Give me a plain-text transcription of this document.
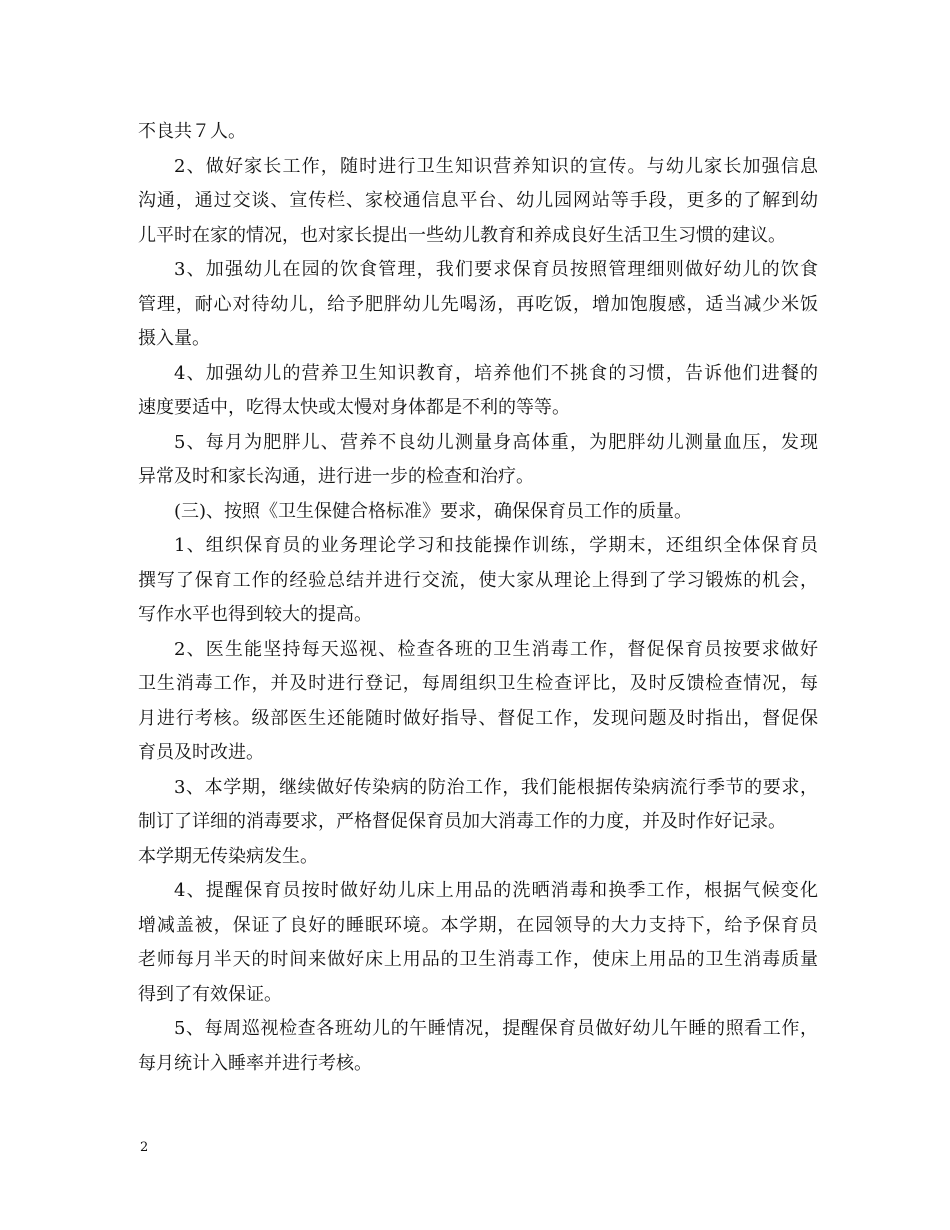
不良共７人。
2、做好家长工作，随时进行卫生知识营养知识的宣传。与幼儿家长加强信息
沟通，通过交谈、宣传栏、家校通信息平台、幼儿园网站等手段，更多的了解到幼
儿平时在家的情况，也对家长提出一些幼儿教育和养成良好生活卫生习惯的建议。
3、加强幼儿在园的饮食管理，我们要求保育员按照管理细则做好幼儿的饮食
管理，耐心对待幼儿，给予肥胖幼儿先喝汤，再吃饭，增加饱腹感，适当减少米饭
摄入量。
4、加强幼儿的营养卫生知识教育，培养他们不挑食的习惯，告诉他们进餐的
速度要适中，吃得太快或太慢对身体都是不利的等等。
5、每月为肥胖儿、营养不良幼儿测量身高体重，为肥胖幼儿测量血压，发现
异常及时和家长沟通，进行进一步的检查和治疗。
(三)、按照《卫生保健合格标准》要求，确保保育员工作的质量。
1、组织保育员的业务理论学习和技能操作训练，学期末，还组织全体保育员
撰写了保育工作的经验总结并进行交流，使大家从理论上得到了学习锻炼的机会，
写作水平也得到较大的提高。
2、医生能坚持每天巡视、检查各班的卫生消毒工作，督促保育员按要求做好
卫生消毒工作，并及时进行登记，每周组织卫生检查评比，及时反馈检查情况，每
月进行考核。级部医生还能随时做好指导、督促工作，发现问题及时指出，督促保
育员及时改进。
3、本学期，继续做好传染病的防治工作，我们能根据传染病流行季节的要求，
制订了详细的消毒要求，严格督促保育员加大消毒工作的力度，并及时作好记录。
本学期无传染病发生。
4、提醒保育员按时做好幼儿床上用品的洗晒消毒和换季工作，根据气候变化
增减盖被，保证了良好的睡眠环境。本学期，在园领导的大力支持下，给予保育员
老师每月半天的时间来做好床上用品的卫生消毒工作，使床上用品的卫生消毒质量
得到了有效保证。
5、每周巡视检查各班幼儿的午睡情况，提醒保育员做好幼儿午睡的照看工作，
每月统计入睡率并进行考核。
2
